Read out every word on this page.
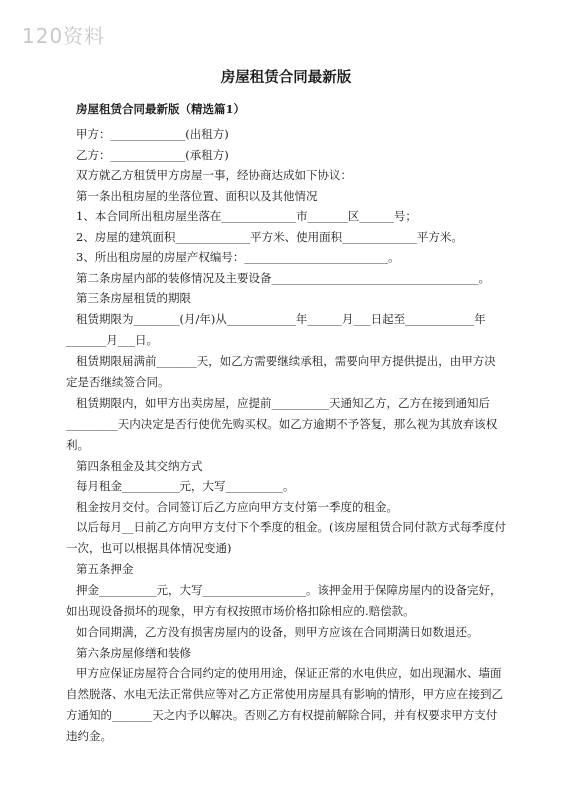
120资料
房屋租赁合同最新版
房屋租赁合同最新版（精选篇1）
甲方：_____________(出租方)
乙方：_____________(承租方)
双方就乙方租赁甲方房屋一事，经协商达成如下协议：
第一条出租房屋的坐落位置、面积以及其他情况
1、本合同所出租房屋坐落在_____________市_______区______号；
2、房屋的建筑面积_____________平方米、使用面积_____________平方米。
3、所出租房屋的房屋产权编号：_________________________。
第二条房屋内部的装修情况及主要设备____________________________________。
第三条房屋租赁的期限
租赁期限为________(月/年)从____________年______月___日起至____________年_______月___日。
租赁期限届满前_______天，如乙方需要继续承租，需要向甲方提供提出，由甲方决定是否继续签合同。
租赁期限内，如甲方出卖房屋，应提前__________天通知乙方，乙方在接到通知后_________天内决定是否行使优先购买权。如乙方逾期不予答复，那么视为其放弃该权利。
第四条租金及其交纳方式
每月租金__________元，大写__________。
租金按月交付。合同签订后乙方应向甲方支付第一季度的租金。
以后每月__日前乙方向甲方支付下个季度的租金。(该房屋租赁合同付款方式每季度付一次，也可以根据具体情况变通)
第五条押金
押金__________元，大写__________________。该押金用于保障房屋内的设备完好，如出现设备损坏的现象，甲方有权按照市场价格扣除相应的.赔偿款。
如合同期满，乙方没有损害房屋内的设备，则甲方应该在合同期满日如数退还。
第六条房屋修缮和装修
甲方应保证房屋符合合同约定的使用用途，保证正常的水电供应，如出现漏水、墙面自然脱落、水电无法正常供应等对乙方正常使用房屋具有影响的情形，甲方应在接到乙方通知的_______天之内予以解决。否则乙方有权提前解除合同，并有权要求甲方支付违约金。
